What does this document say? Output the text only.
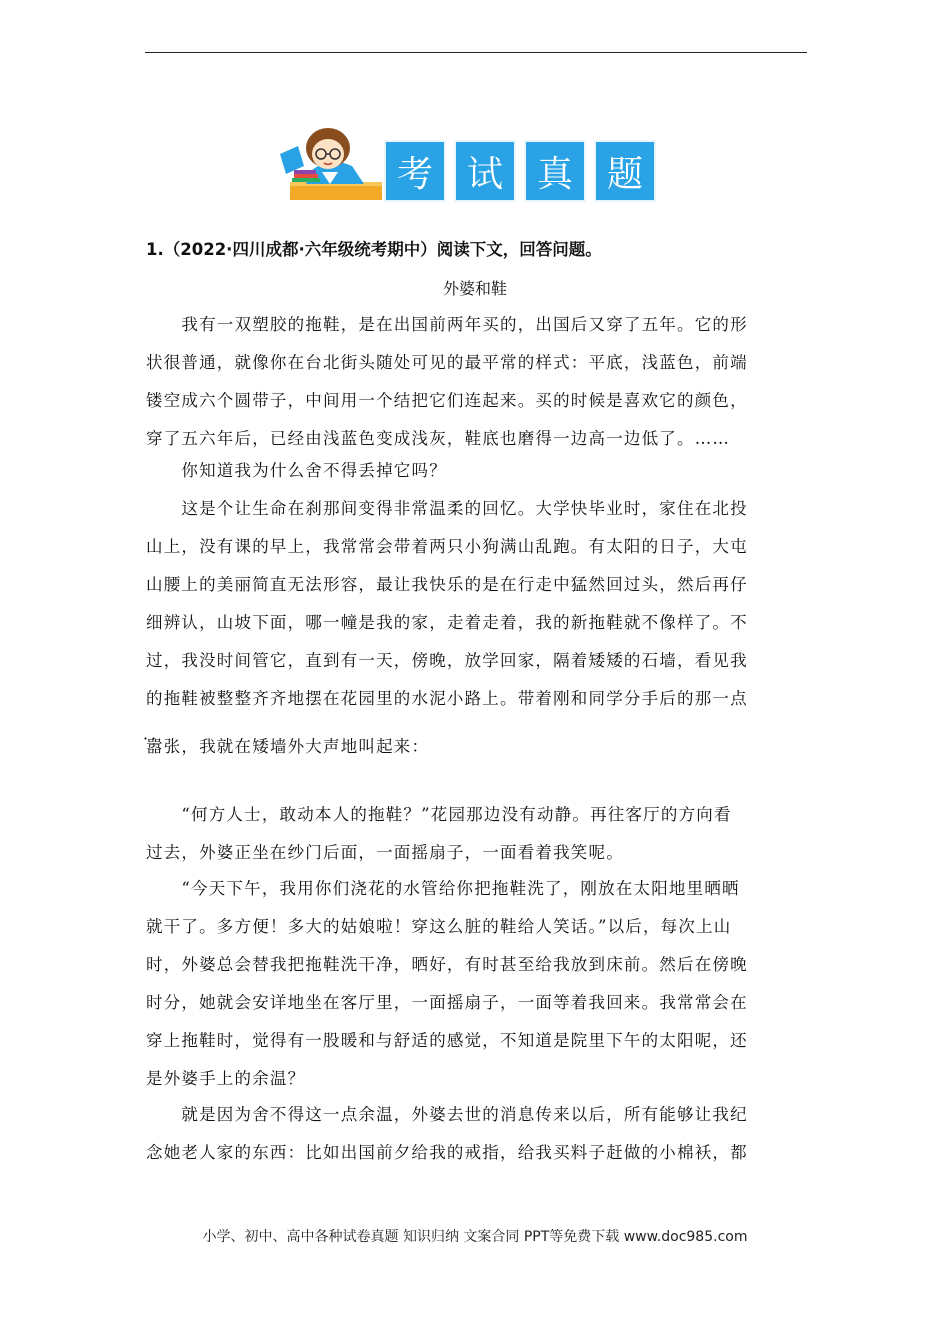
考 试 真 题
1.（2022·四川成都·六年级统考期中）阅读下文，回答问题。
外婆和鞋
　　我有一双塑胶的拖鞋，是在出国前两年买的，出国后又穿了五年。它的形
状很普通，就像你在台北街头随处可见的最平常的样式：平底，浅蓝色，前端
镂空成六个圆带子，中间用一个结把它们连起来。买的时候是喜欢它的颜色，
穿了五六年后，已经由浅蓝色变成浅灰，鞋底也磨得一边高一边低了。……
　　你知道我为什么舍不得丢掉它吗？
　　这是个让生命在刹那间变得非常温柔的回忆。大学快毕业时，家住在北投
山上，没有课的早上，我常常会带着两只小狗满山乱跑。有太阳的日子，大屯
山腰上的美丽简直无法形容，最让我快乐的是在行走中猛然回过头，然后再仔
细辨认，山坡下面，哪一幢是我的家，走着走着，我的新拖鞋就不像样了。不
过，我没时间管它，直到有一天，傍晚，放学回家，隔着矮矮的石墙，看见我
的拖鞋被整整齐齐地摆在花园里的水泥小路上。带着刚和同学分手后的那一点
．． 嚣张，我就在矮墙外大声地叫起来：
　　“何方人士，敢动本人的拖鞋？”花园那边没有动静。再往客厅的方向看
过去，外婆正坐在纱门后面，一面摇扇子，一面看着我笑呢。
　　“今天下午，我用你们浇花的水管给你把拖鞋洗了，刚放在太阳地里晒晒
就干了。多方便！多大的姑娘啦！穿这么脏的鞋给人笑话。”以后，每次上山
时，外婆总会替我把拖鞋洗干净，晒好，有时甚至给我放到床前。然后在傍晚
时分，她就会安详地坐在客厅里，一面摇扇子，一面等着我回来。我常常会在
穿上拖鞋时，觉得有一股暖和与舒适的感觉，不知道是院里下午的太阳呢，还
是外婆手上的余温？
　　就是因为舍不得这一点余温，外婆去世的消息传来以后，所有能够让我纪
念她老人家的东西：比如出国前夕给我的戒指，给我买料子赶做的小棉袄，都
小学、初中、高中各种试卷真题 知识归纳 文案合同 PPT等免费下载 www.doc985.com
